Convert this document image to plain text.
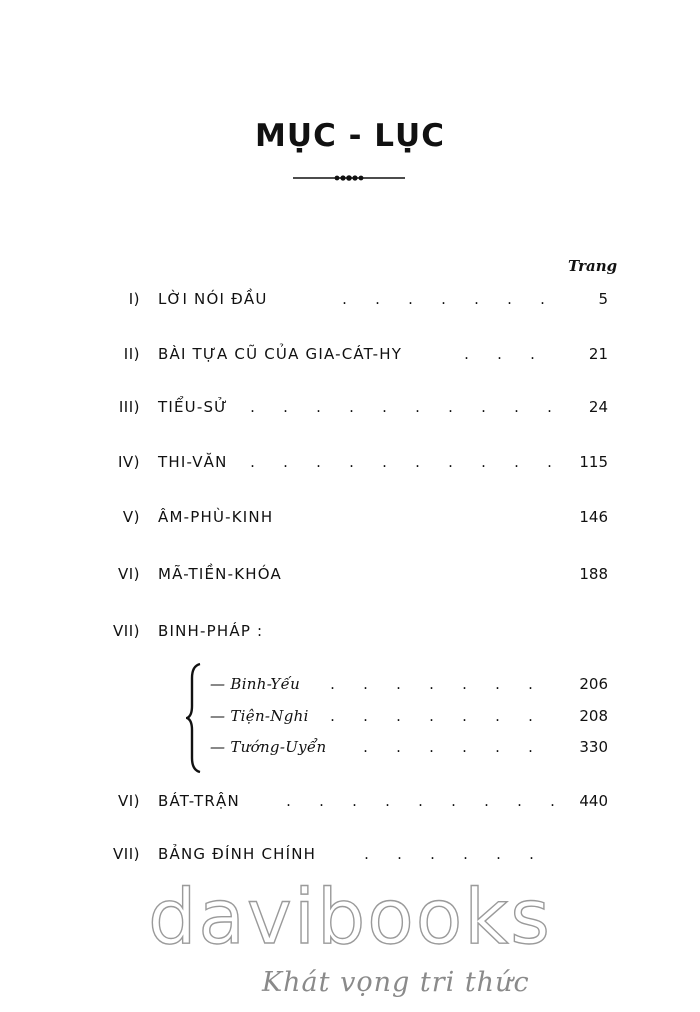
MỤC - LỤC
Trang
I) LỜI NÓI ĐẦU	. . . . . . .	5
II) BÀI TỰA CŨ CỦA GIA-CÁT-HY	. . .	21
III) TIỂU-SỬ	. . . . . . . . . .	24
IV) THI-VĂN	. . . . . . . . . .	115
V) ÂM-PHÙ-KINH	146
VI) MÃ-TIỀN-KHÓA	188
VII) BINH-PHÁP :
— Binh-Yếu	. . . . . . .	206
— Tiện-Nghi	. . . . . . .	208
— Tướng-Uyển	. . . . . .	330
VI) BÁT-TRẬN	. . . . . . . . .	440
VII) BẢNG ĐÍNH CHÍNH	. . . . . .
davibooks
Khát vọng tri thức
